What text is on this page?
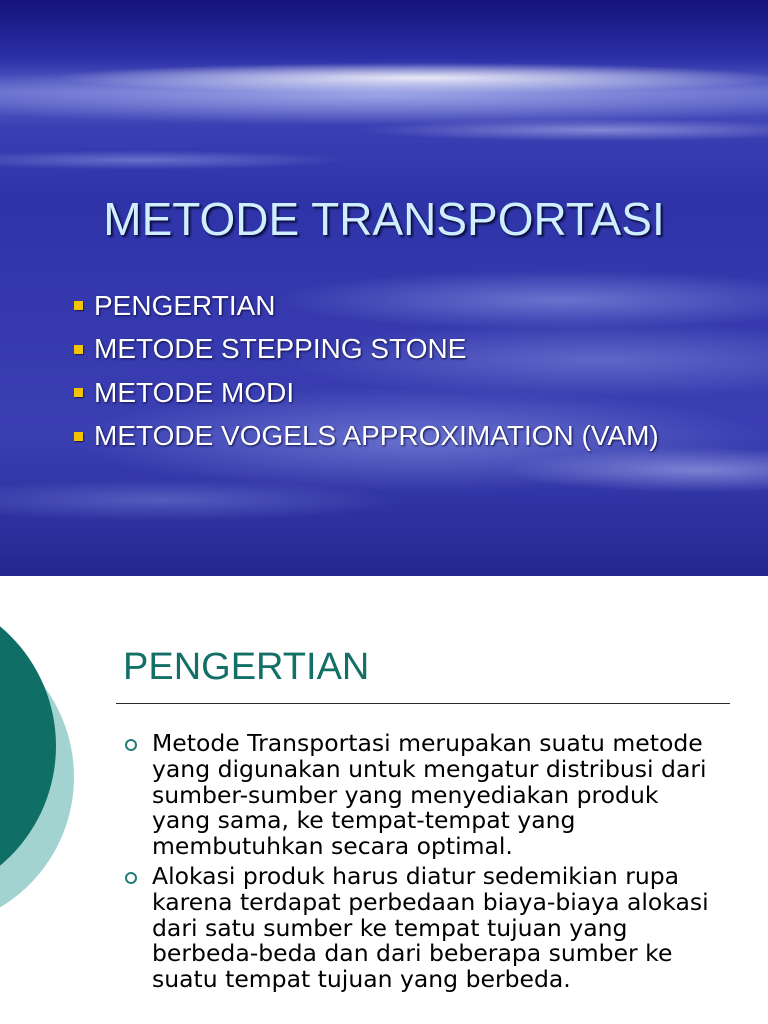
METODE TRANSPORTASI
PENGERTIAN
METODE STEPPING STONE
METODE MODI
METODE VOGELS APPROXIMATION (VAM)
PENGERTIAN
Metode Transportasi merupakan suatu metode yang digunakan untuk mengatur distribusi dari sumber-sumber yang menyediakan produk yang sama, ke tempat-tempat yang membutuhkan secara optimal.
Alokasi produk harus diatur sedemikian rupa karena terdapat perbedaan biaya-biaya alokasi dari satu sumber ke tempat tujuan yang berbeda-beda dan dari beberapa sumber ke suatu tempat tujuan yang berbeda.
